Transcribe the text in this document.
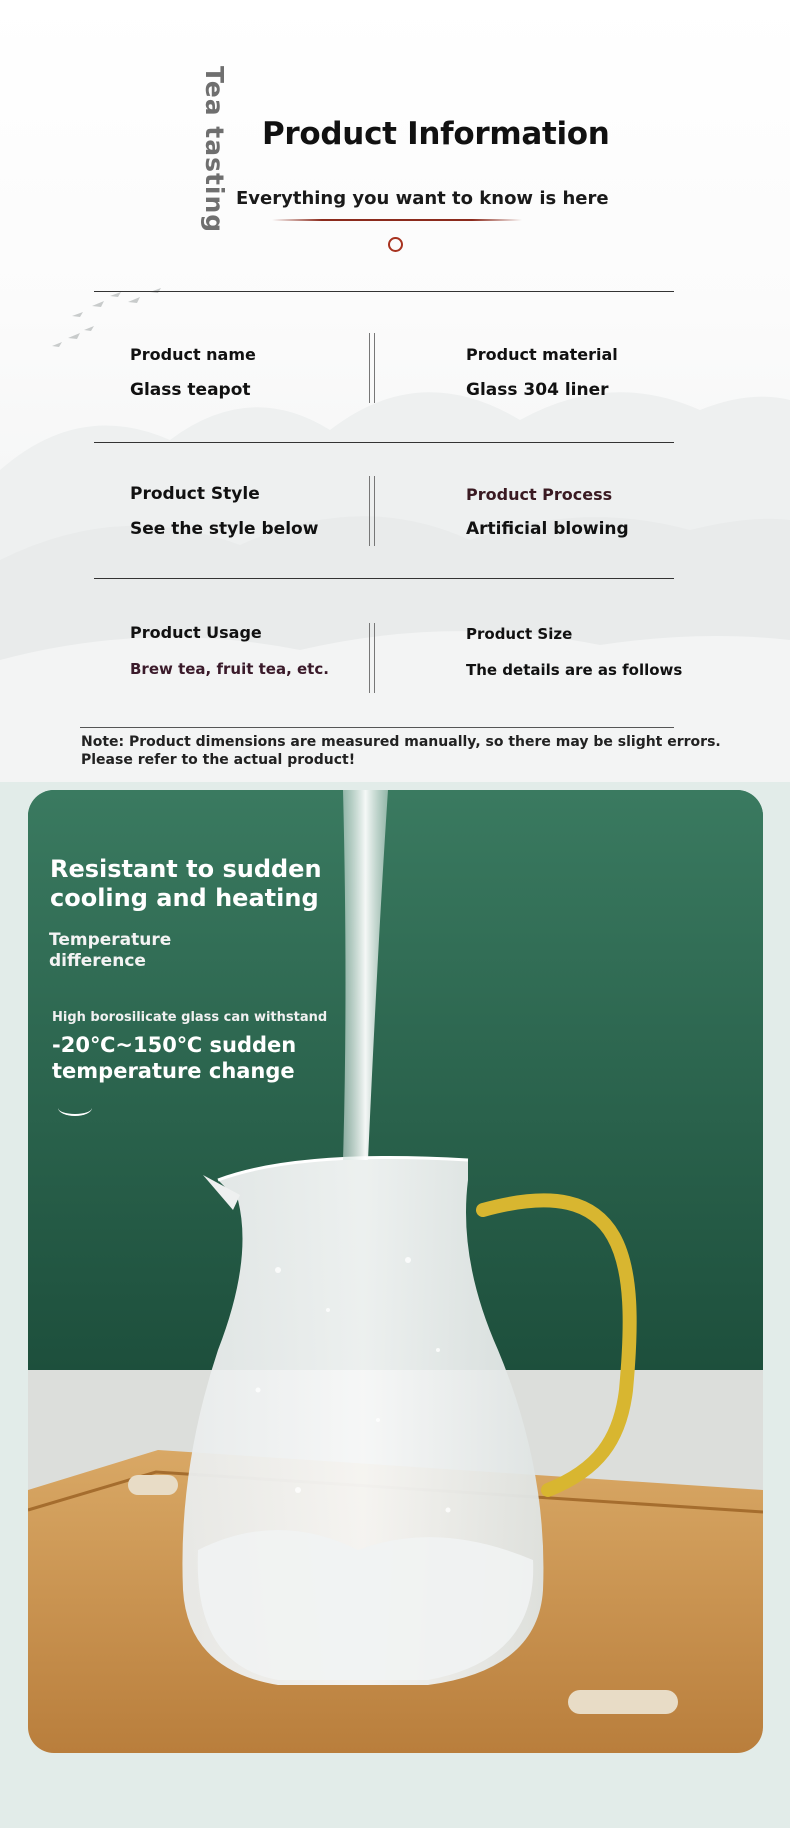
Tea tasting Product Information
Everything you want to know is here
Product name
Glass teapot
Product material
Glass 304 liner
Product Style
See the style below
Product Process
Artificial blowing
Product Usage
Brew tea, fruit tea, etc.
Product Size
The details are as follows
Note: Product dimensions are measured manually, so there may be slight errors.
Please refer to the actual product!
Resistant to sudden cooling and heating
Temperature difference
High borosilicate glass can withstand
-20℃~150℃ sudden temperature change
